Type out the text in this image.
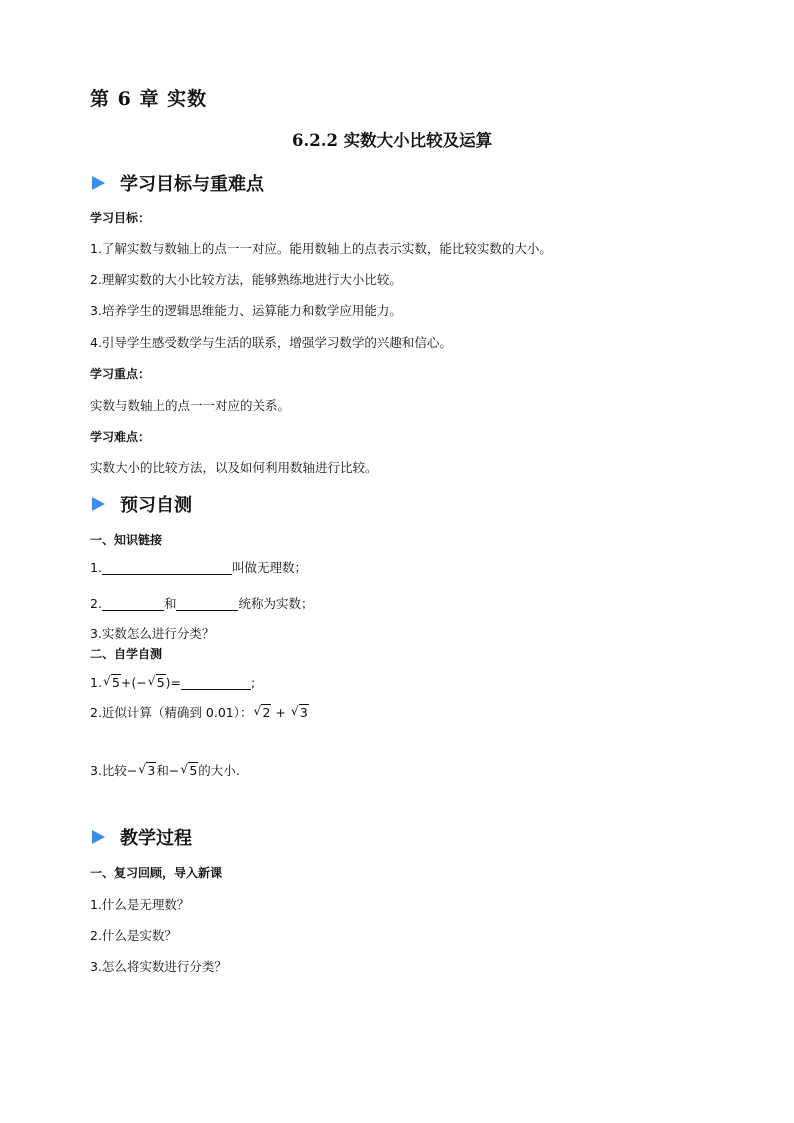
第 6 章 实数
6.2.2 实数大小比较及运算
学习目标与重难点
学习目标：
1.了解实数与数轴上的点一一对应。能用数轴上的点表示实数，能比较实数的大小。
2.理解实数的大小比较方法，能够熟练地进行大小比较。
3.培养学生的逻辑思维能力、运算能力和数学应用能力。
4.引导学生感受数学与生活的联系，增强学习数学的兴趣和信心。
学习重点：
实数与数轴上的点一一对应的关系。
学习难点：
实数大小的比较方法，以及如何利用数轴进行比较。
预习自测
一、知识链接
1.	叫做无理数；
2.	和	统称为实数；
3.实数怎么进行分类？
二、自学自测
1. √ 5+(− √ 5)=	;
2.近似计算（精确到 0.01）： √ 2 + √ 3
3.比较− √ 3和− √ 5的大小.
教学过程
一、复习回顾，导入新课
1.什么是无理数？
2.什么是实数？
3.怎么将实数进行分类？
